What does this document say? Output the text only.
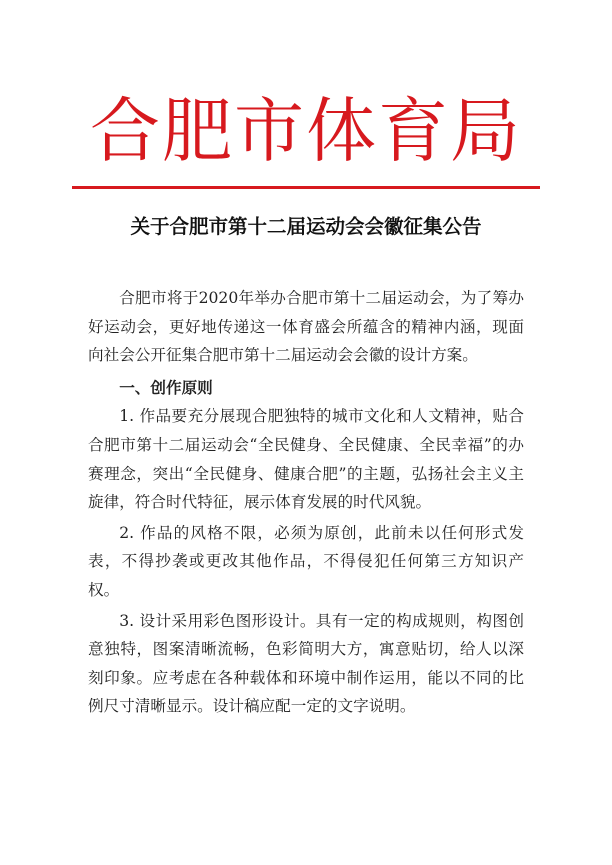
合肥市体育局
关于合肥市第十二届运动会会徽征集公告

合肥市将于2020年举办合肥市第十二届运动会，为了筹办好运动会，更好地传递这一体育盛会所蕴含的精神内涵，现面向社会公开征集合肥市第十二届运动会会徽的设计方案。

一、创作原则

1. 作品要充分展现合肥独特的城市文化和人文精神，贴合合肥市第十二届运动会“全民健身、全民健康、全民幸福”的办赛理念，突出“全民健身、健康合肥”的主题，弘扬社会主义主旋律，符合时代特征，展示体育发展的时代风貌。

2. 作品的风格不限，必须为原创，此前未以任何形式发表，不得抄袭或更改其他作品，不得侵犯任何第三方知识产权。

3. 设计采用彩色图形设计。具有一定的构成规则，构图创意独特，图案清晰流畅，色彩简明大方，寓意贴切，给人以深刻印象。应考虑在各种载体和环境中制作运用，能以不同的比例尺寸清晰显示。设计稿应配一定的文字说明。
